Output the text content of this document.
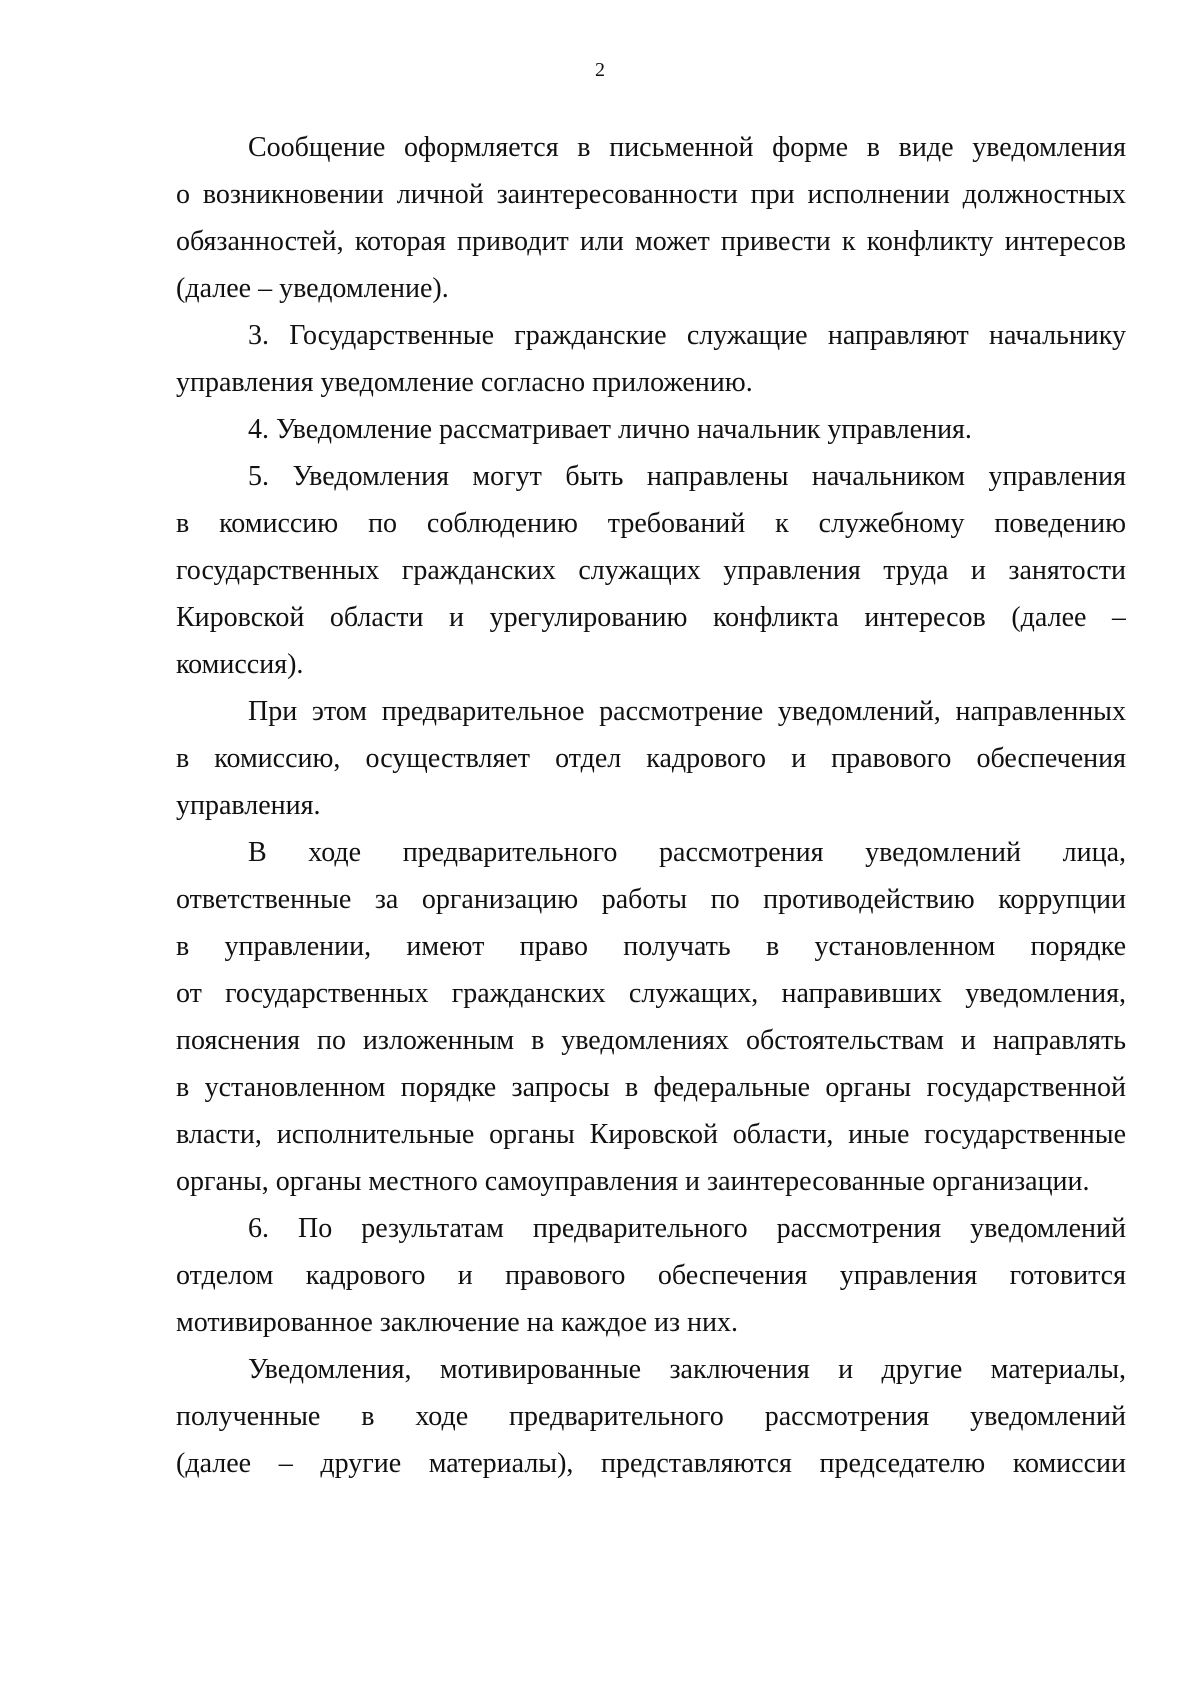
2
Сообщение оформляется в письменной форме в виде уведомления
о возникновении личной заинтересованности при исполнении должностных
обязанностей, которая приводит или может привести к конфликту интересов
(далее – уведомление).
3. Государственные гражданские служащие направляют начальнику
управления уведомление согласно приложению.
4. Уведомление рассматривает лично начальник управления.
5. Уведомления могут быть направлены начальником управления
в комиссию по соблюдению требований к служебному поведению
государственных гражданских служащих управления труда и занятости
Кировской области и урегулированию конфликта интересов (далее –
комиссия).
При этом предварительное рассмотрение уведомлений, направленных
в комиссию, осуществляет отдел кадрового и правового обеспечения
управления.
В ходе предварительного рассмотрения уведомлений лица,
ответственные за организацию работы по противодействию коррупции
в управлении, имеют право получать в установленном порядке
от государственных гражданских служащих, направивших уведомления,
пояснения по изложенным в уведомлениях обстоятельствам и направлять
в установленном порядке запросы в федеральные органы государственной
власти, исполнительные органы Кировской области, иные государственные
органы, органы местного самоуправления и заинтересованные организации.
6. По результатам предварительного рассмотрения уведомлений
отделом кадрового и правового обеспечения управления готовится
мотивированное заключение на каждое из них.
Уведомления, мотивированные заключения и другие материалы,
полученные в ходе предварительного рассмотрения уведомлений
(далее – другие материалы), представляются председателю комиссии
